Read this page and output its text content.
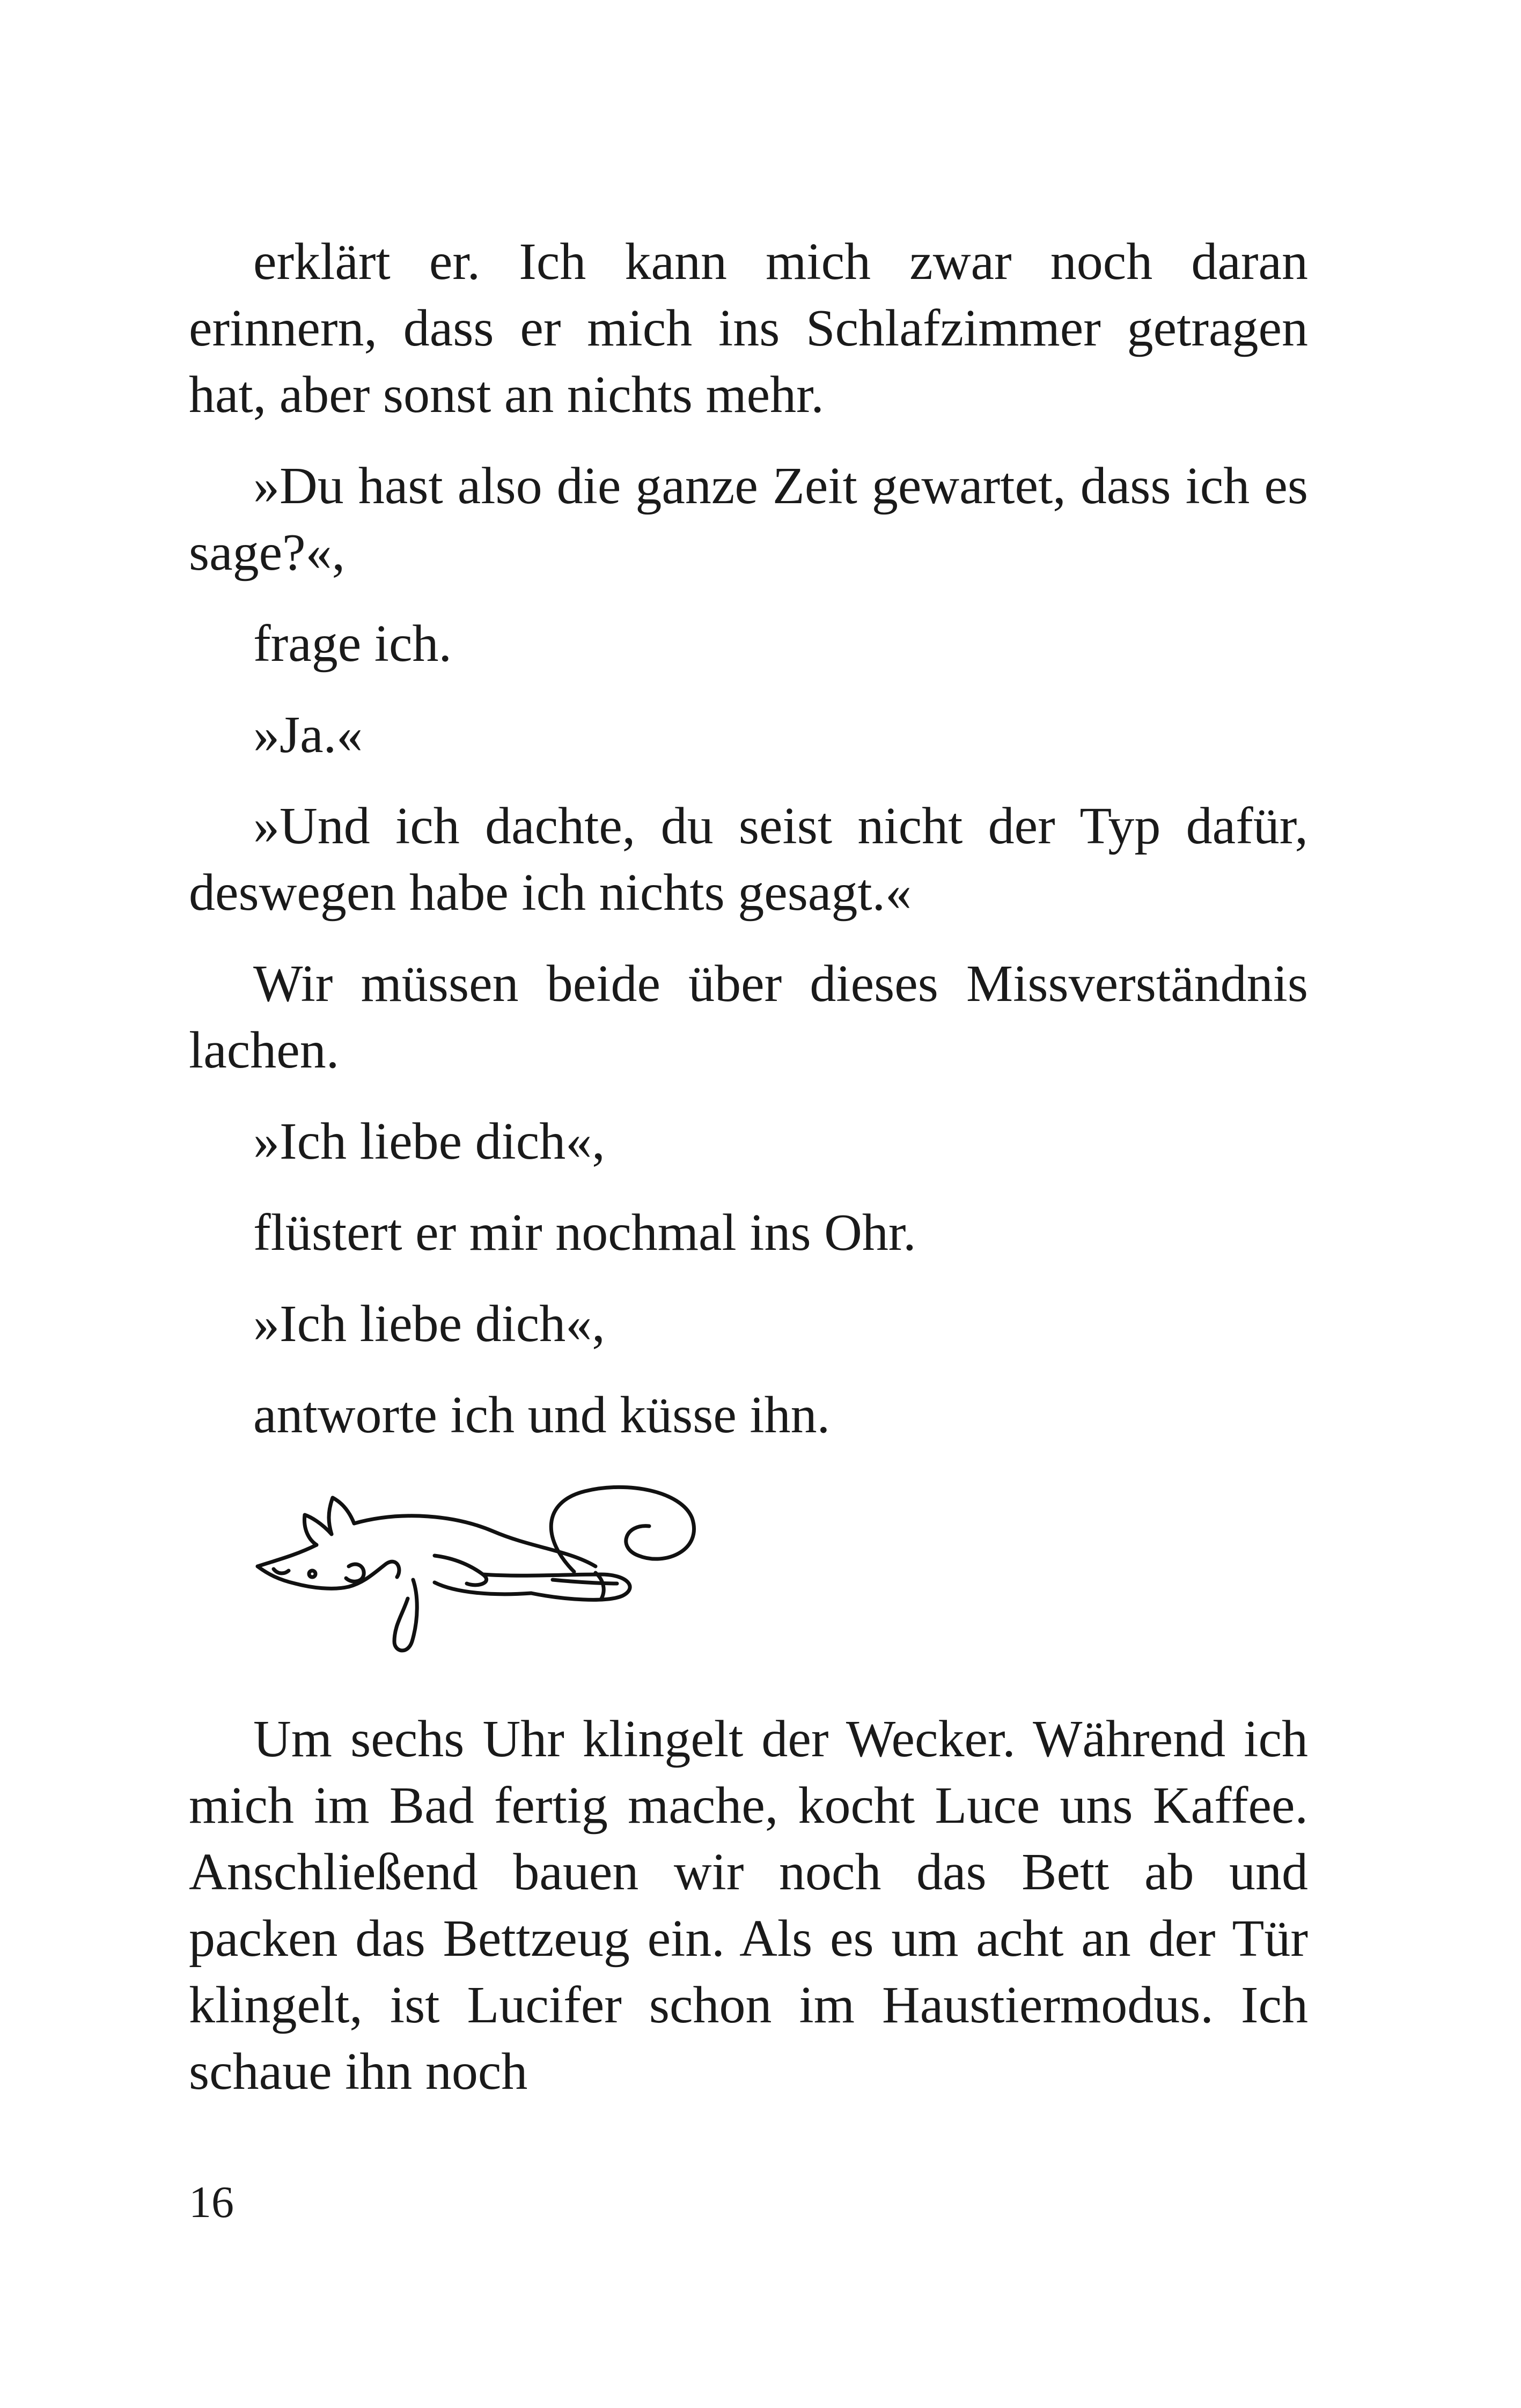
erklärt er. Ich kann mich zwar noch daran erinnern, dass er mich ins Schlafzimmer getragen hat, aber sonst an nichts mehr.

»Du hast also die ganze Zeit gewartet, dass ich es sage?«,

frage ich.

»Ja.«

»Und ich dachte, du seist nicht der Typ dafür, deswegen habe ich nichts gesagt.«

Wir müssen beide über dieses Missverständnis lachen.

»Ich liebe dich«,

flüstert er mir nochmal ins Ohr.

»Ich liebe dich«,

antworte ich und küsse ihn.

Um sechs Uhr klingelt der Wecker. Während ich mich im Bad fertig mache, kocht Luce uns Kaffee. Anschließend bauen wir noch das Bett ab und packen das Bettzeug ein. Als es um acht an der Tür klingelt, ist Lucifer schon im Haustiermodus. Ich schaue ihn noch

16
